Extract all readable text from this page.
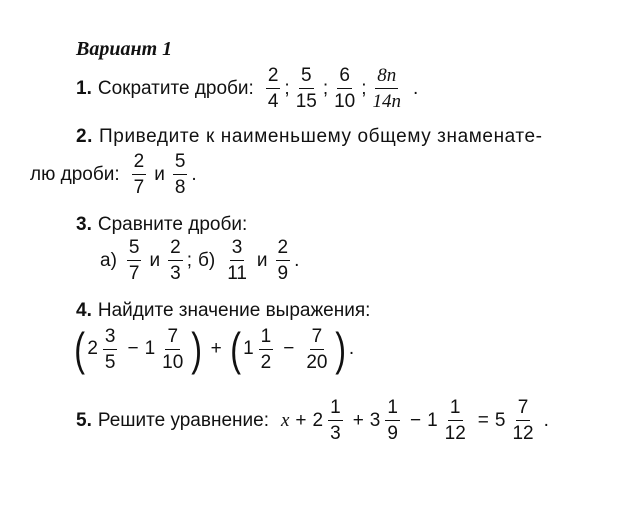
Вариант 1
1. Сократите дроби: $\frac{2}{4}$ ; $\frac{5}{15}$ ; $\frac{6}{10}$ ; $\frac{8n}{14n}$ .
2. Приведите к наименьшему общему знаменате-
лю дроби: $\frac{2}{7}$ и $\frac{5}{8}$ .
3. Сравните дроби:
$а) \frac{5}{7}$ и $\frac{2}{3}$ ; $б) \frac{3}{11}$ и $\frac{2}{9}$ .
4. Найдите значение выражения:
( $2 \frac{3}{5} - 1 \frac{7}{10}$ ) + ( $1 \frac{1}{2} - \frac{7}{20}$ ) .
5. Решите уравнение: $x + 2 \frac{1}{3} + 3 \frac{1}{9} - 1 \frac{1}{12} = 5 \frac{7}{12}$ .
